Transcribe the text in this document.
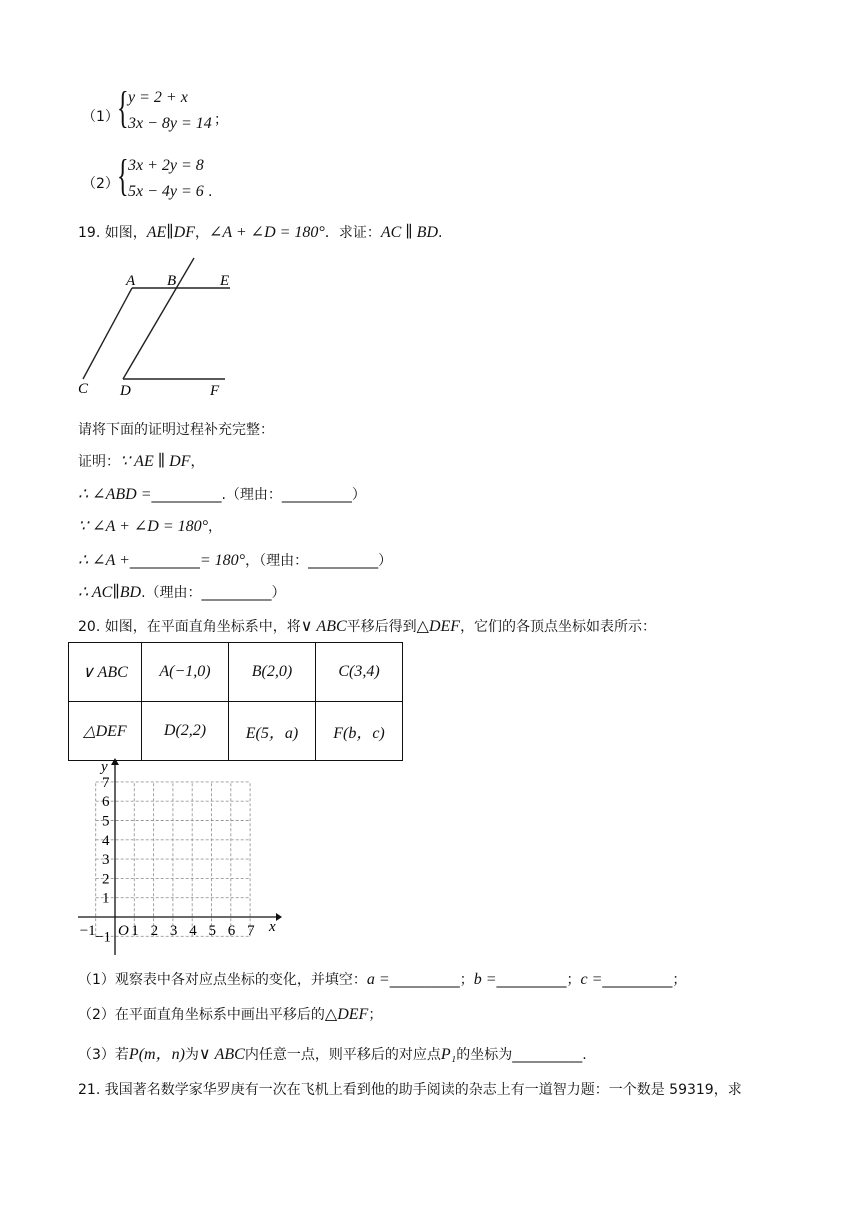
（1）
{ y = 2 + x
3x − 8y = 14 ；
（2）
{ 3x + 2y = 8
5x − 4y = 6 .
19. 如图，AE∥DF，∠A + ∠D = 180°．求证：AC ∥ BD.
A B	E
C D	F
请将下面的证明过程补充完整：
证明：∵ AE ∥ DF，
∴ ∠ABD =__________.（理由：__________）
∵ ∠A + ∠D = 180°，
∴ ∠A +__________= 180°，（理由：__________）
∴ AC∥BD.（理由：__________）
20. 如图，在平面直角坐标系中，将∨ ABC平移后得到△DEF，它们的各顶点坐标如表所示：
∨ ABC	A(−1,0)	B(2,0)	C(3,4)
△DEF	D(2,2)	E(5，a)	F(b，c)
x
y
O
−1 1 2 3 4 5 6 7
−1
1
2
3
4
5
6
7
（1）观察表中各对应点坐标的变化，并填空：a =__________；b =__________；c =__________；
（2）在平面直角坐标系中画出平移后的△DEF；
（3）若P(m，n)为∨ ABC内任意一点，则平移后的对应点P₁的坐标为__________.
21. 我国著名数学家华罗庚有一次在飞机上看到他的助手阅读的杂志上有一道智力题：一个数是 59319，求
